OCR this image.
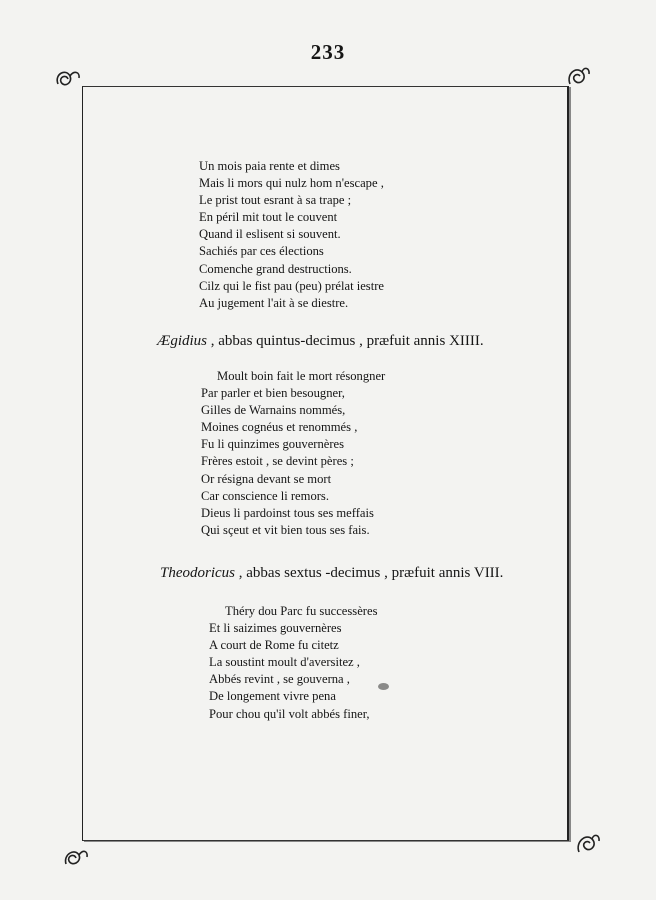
233
Un mois paia rente et dimes
Mais li mors qui nulz hom n'escape ,
Le prist tout esrant à sa trape ;
En péril mit tout le couvent
Quand il eslisent si souvent.
Sachiés par ces élections
Comenche grand destructions.
Cilz qui le fist pau (peu) prélat iestre
Au jugement l'ait à se diestre.
Ægidius , abbas quintus-decimus , præfuit annis XIIII.
Moult boin fait le mort résongner
Par parler et bien besougner,
Gilles de Warnains nommés,
Moines cognéus et renommés ,
Fu li quinzimes gouvernères
Frères estoit , se devint pères ;
Or résigna devant se mort
Car conscience li remors.
Dieus li pardoinst tous ses meffais
Qui sçeut et vit bien tous ses fais.
Theodoricus , abbas sextus -decimus , præfuit annis VIII.
Théry dou Parc fu successères
Et li saizimes gouvernères
A court de Rome fu citetz
La soustint moult d'aversitez ,
Abbés revint , se gouverna ,
De longement vivre pena
Pour chou qu'il volt abbés finer,
